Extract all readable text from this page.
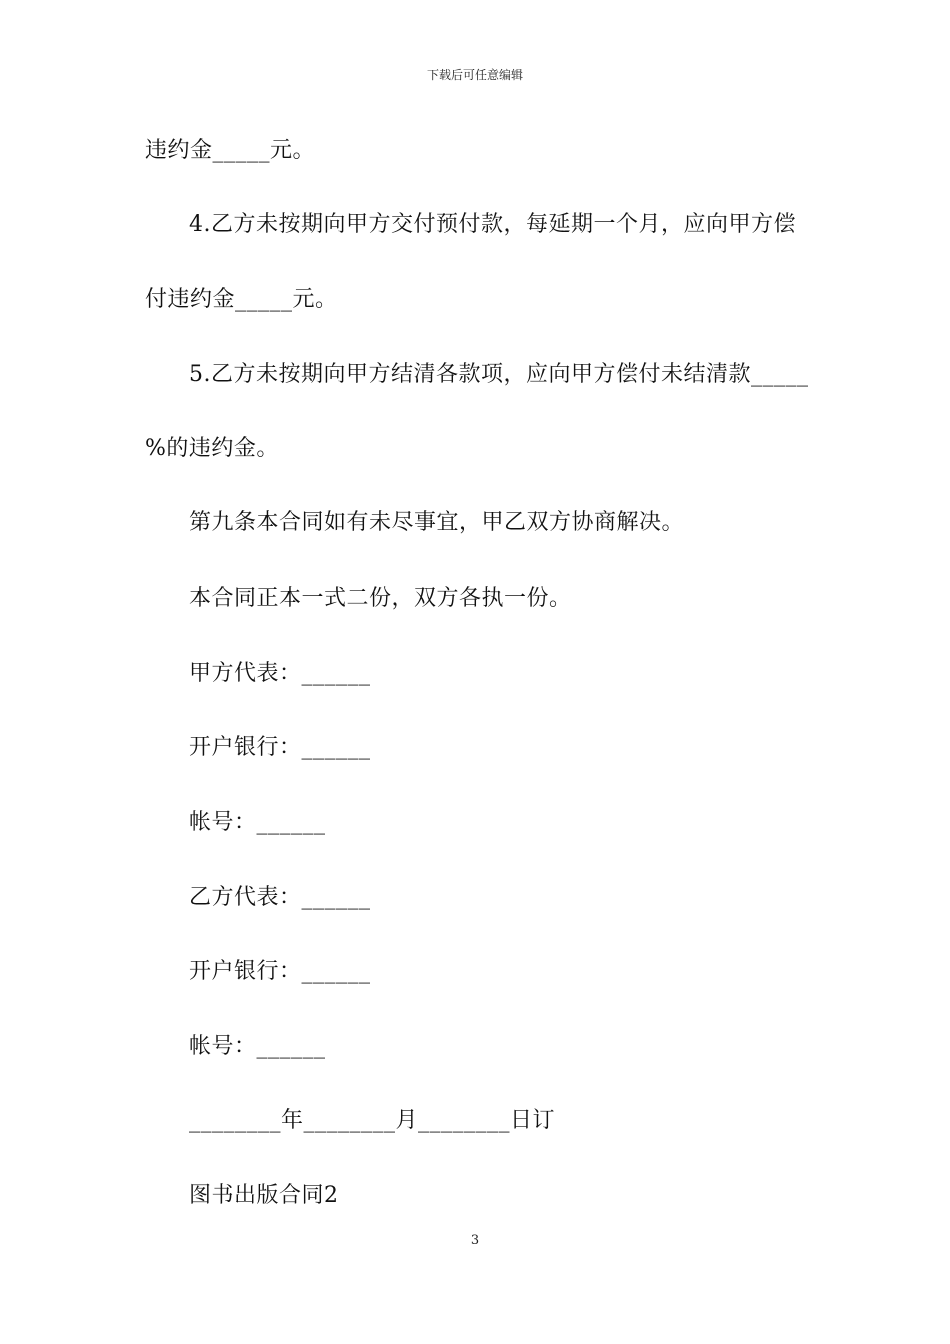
下载后可任意编辑
违约金_____元。
4.乙方未按期向甲方交付预付款，每延期一个月，应向甲方偿
付违约金_____元。
5.乙方未按期向甲方结清各款项，应向甲方偿付未结清款_____
%的违约金。
第九条本合同如有未尽事宜，甲乙双方协商解决。
本合同正本一式二份，双方各执一份。
甲方代表：______
开户银行：______
帐号：______
乙方代表：______
开户银行：______
帐号：______
________年________月________日订
图书出版合同2
3
